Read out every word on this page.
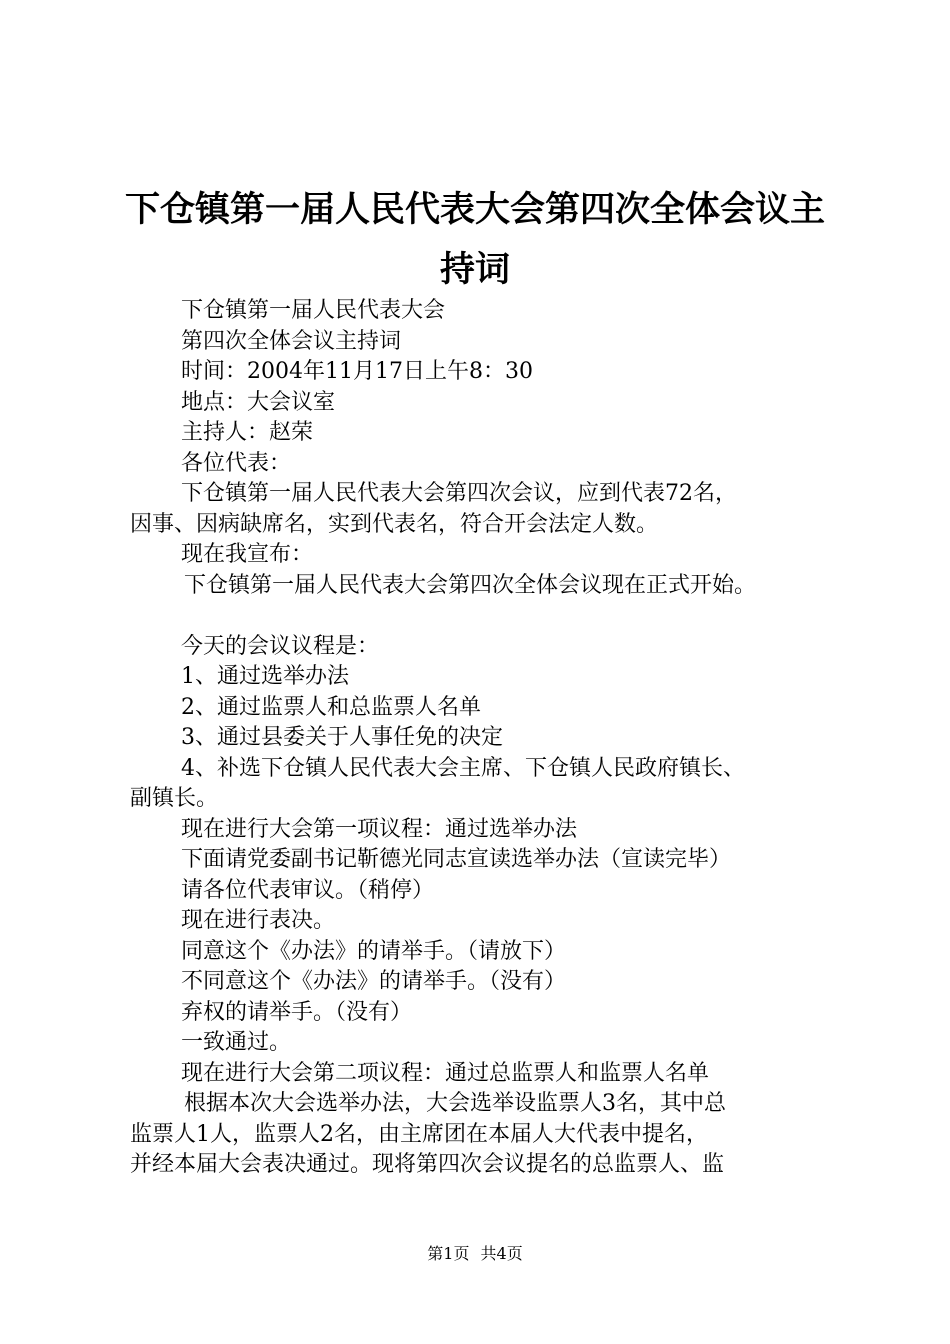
下仓镇第一届人民代表大会第四次全体会议主
持词

下仓镇第一届人民代表大会

第四次全体会议主持词

时间：2004年11月17日上午8：30

地点：大会议室

主持人：赵荣

各位代表：

下仓镇第一届人民代表大会第四次会议，应到代表72名，

因事、因病缺席名，实到代表名，符合开会法定人数。

现在我宣布：

下仓镇第一届人民代表大会第四次全体会议现在正式开始。

今天的会议议程是：

1、通过选举办法

2、通过监票人和总监票人名单

3、通过县委关于人事任免的决定

4、补选下仓镇人民代表大会主席、下仓镇人民政府镇长、

副镇长。

现在进行大会第一项议程：通过选举办法

下面请党委副书记靳德光同志宣读选举办法（宣读完毕）

请各位代表审议。（稍停）

现在进行表决。

同意这个《办法》的请举手。（请放下）

不同意这个《办法》的请举手。（没有）

弃权的请举手。（没有）

一致通过。

现在进行大会第二项议程：通过总监票人和监票人名单

根据本次大会选举办法，大会选举设监票人3名，其中总

监票人1人，监票人2名，由主席团在本届人大代表中提名，

并经本届大会表决通过。现将第四次会议提名的总监票人、监

第1页 共4页
